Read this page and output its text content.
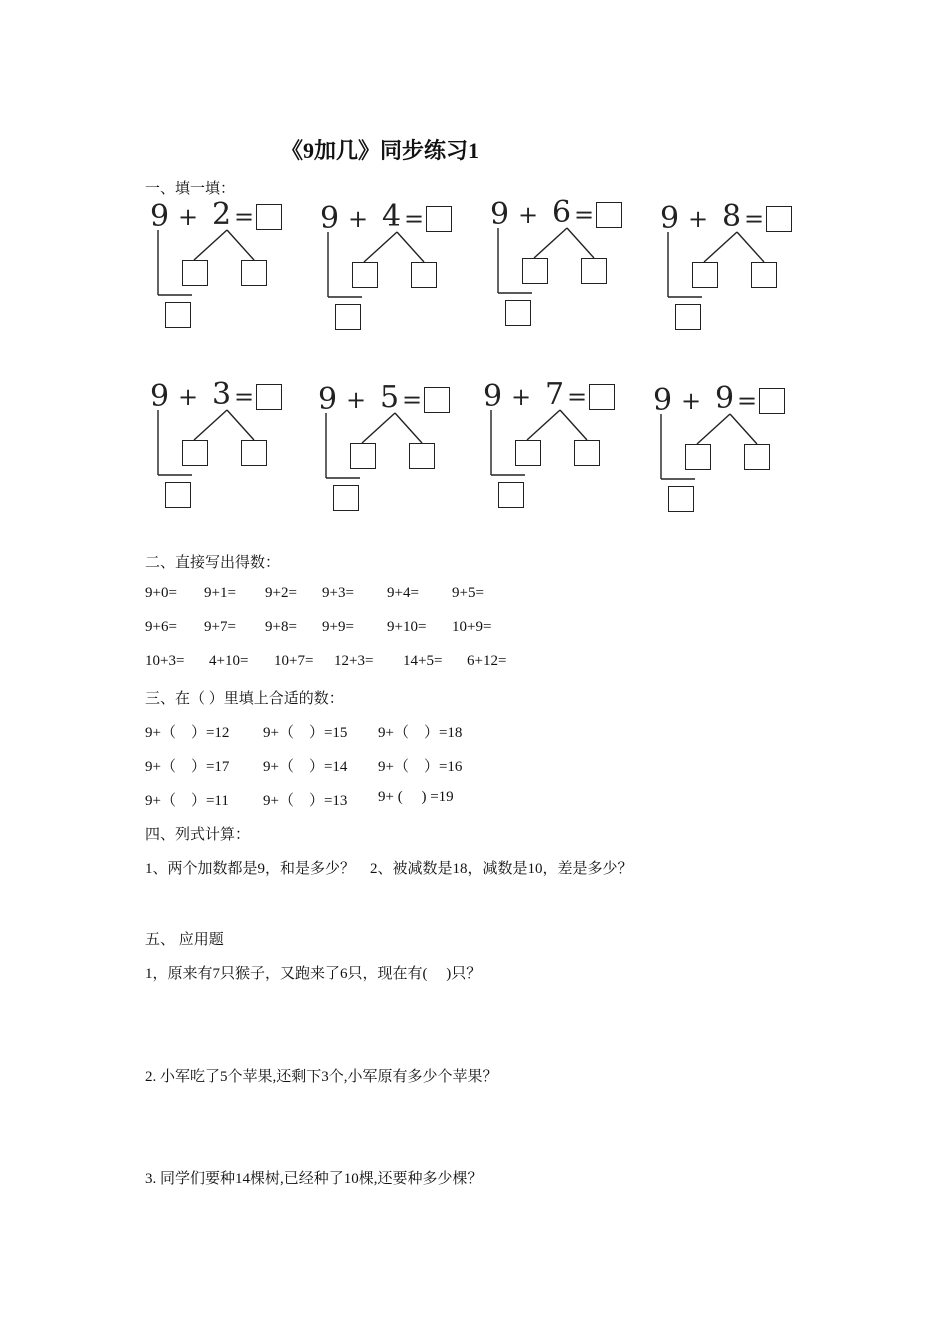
《9加几》同步练习1
一、填一填：
9 + 2 = 9 + 4 = 9 + 6 = 9 + 8 =
9 + 3 = 9 + 5 = 9 + 7 = 9 + 9 =
二、直接写出得数：
9+0= 9+1= 9+2= 9+3= 9+4= 9+5=
9+6= 9+7= 9+8= 9+9= 9+10= 10+9=
10+3= 4+10= 10+7= 12+3= 14+5= 6+12=
三、在（ ）里填上合适的数：
9+（    ）=12 9+（    ）=15 9+（    ）=18
9+（    ）=17 9+（    ）=14 9+（    ）=16
9+（    ）=11 9+（    ）=13 9+ (     ) =19
四、列式计算：
1、两个加数都是9，和是多少？    2、被减数是18，减数是10，差是多少？
五、 应用题
1，原来有7只猴子，又跑来了6只，现在有(     )只？
2. 小军吃了5个苹果,还剩下3个,小军原有多少个苹果？
3. 同学们要种14棵树,已经种了10棵,还要种多少棵？
